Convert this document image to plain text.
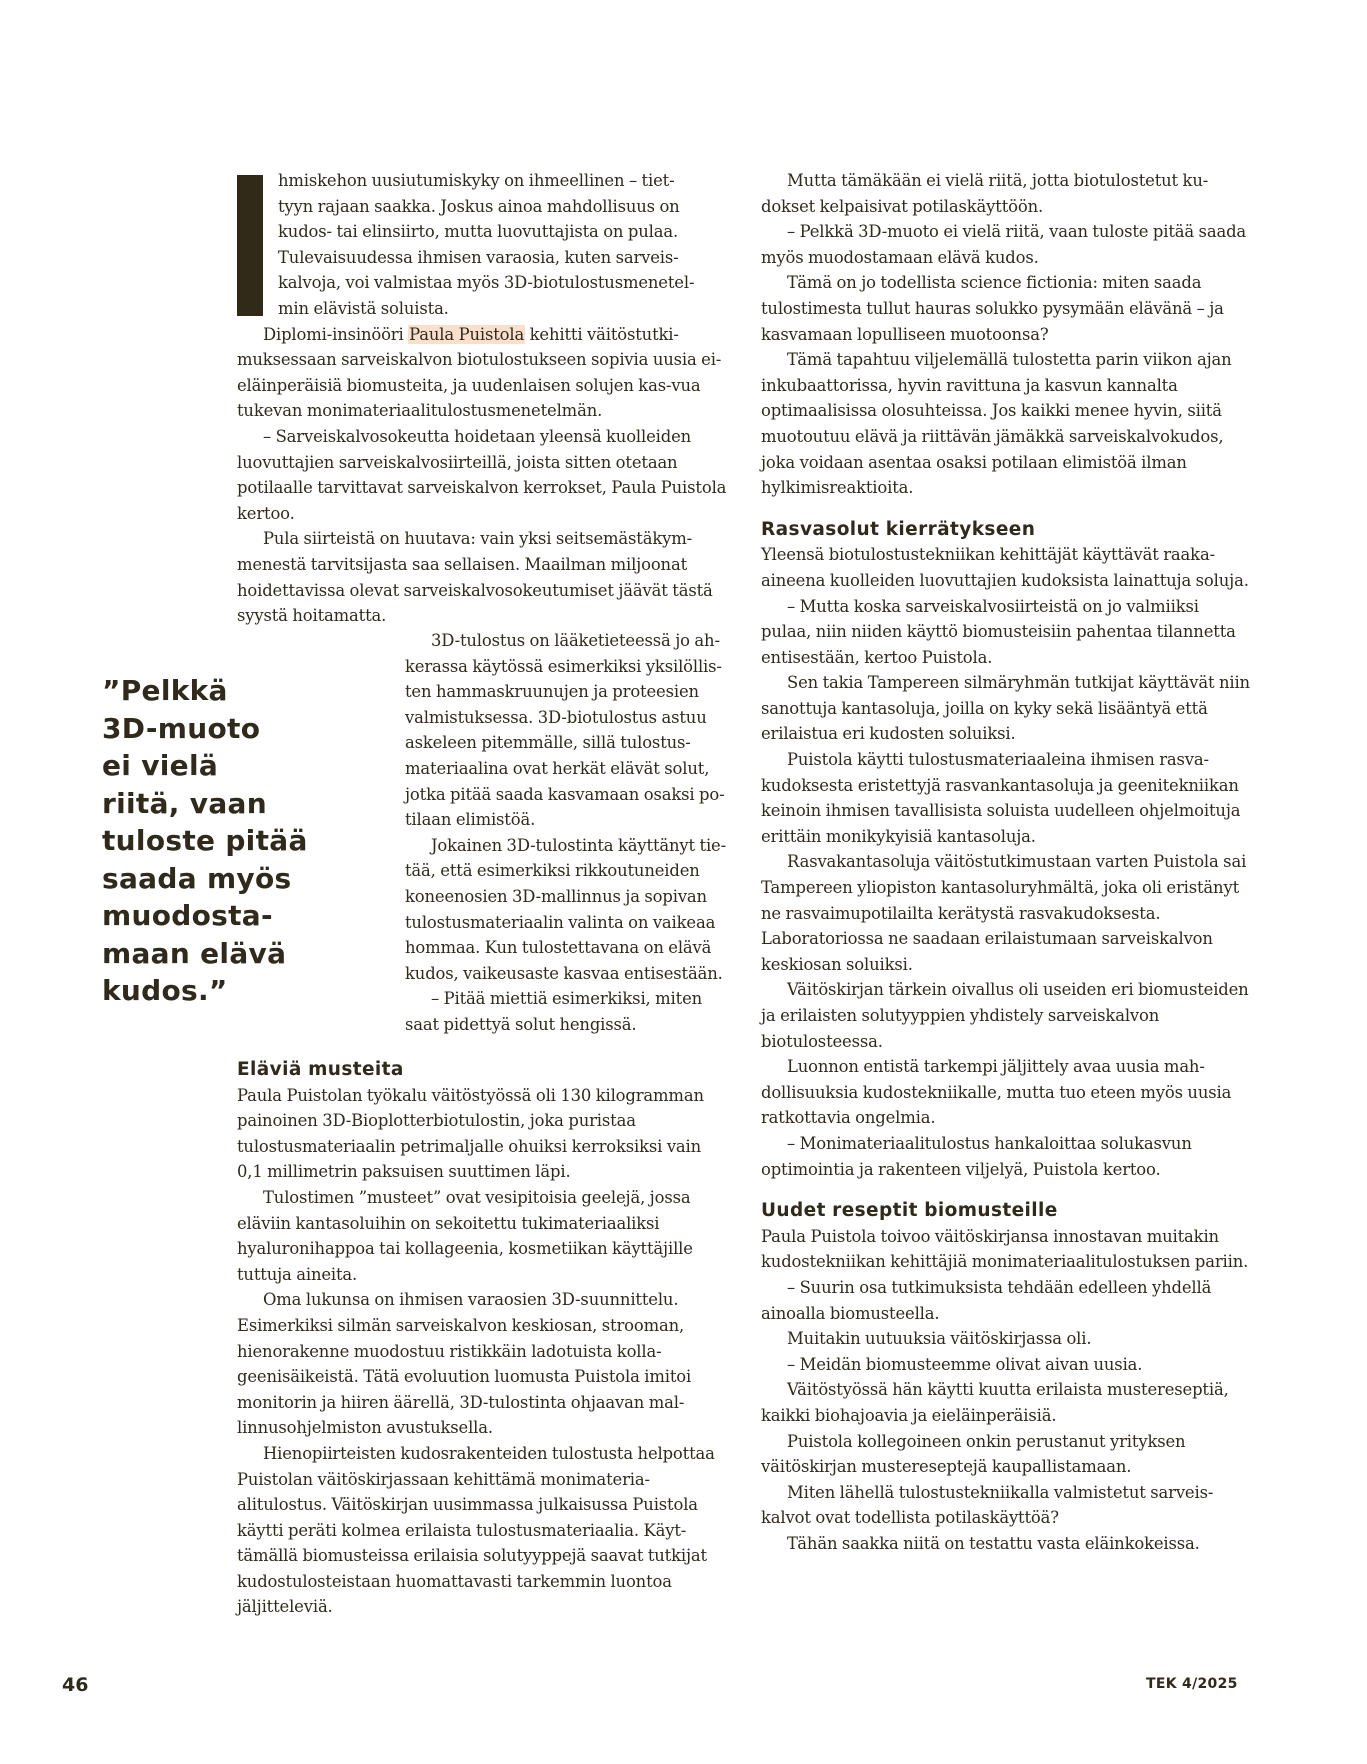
hmiskehon uusiutumiskyky on ihmeellinen – tiet-

tyyn rajaan saakka. Joskus ainoa mahdollisuus on

kudos- tai elinsiirto, mutta luovuttajista on pulaa.

Tulevaisuudessa ihmisen varaosia, kuten sarveis-

kalvoja, voi valmistaa myös 3D-biotulostusmenetel-

min elävistä soluista.

Diplomi-insinööri Paula Puistola kehitti väitöstutki-muksessaan sarveiskalvon biotulostukseen sopivia uusia ei-eläinperäisiä biomusteita, ja uudenlaisen solujen kas-vua tukevan monimateriaalitulostusmenetelmän.

– Sarveiskalvosokeutta hoidetaan yleensä kuolleiden luovuttajien sarveiskalvosiirteillä, joista sitten otetaan potilaalle tarvittavat sarveiskalvon kerrokset, Paula Puistola kertoo.

Pula siirteistä on huutava: vain yksi seitsemästäkymmenestä tarvitsijasta saa sellaisen. Maailman miljoonat hoidettavissa olevat sarveiskalvosokeutumiset jäävät tästä syystä hoitamatta.

”Pelkkä
3D-muoto
ei vielä
riitä, vaan
tuloste pitää
saada myös
muodosta-
maan elävä
kudos.”

3D-tulostus on lääketieteessä jo ahkerassa käytössä esimerkiksi yksilöllisten hammaskruunujen ja proteesien valmistuksessa. 3D-biotulostus astuu askeleen pitemmälle, sillä tulostusmateriaalina ovat herkät elävät solut, jotka pitää saada kasvamaan osaksi potilaan elimistöä.

Jokainen 3D-tulostinta käyttänyt tietää, että esimerkiksi rikkoutuneiden koneenosien 3D-mallinnus ja sopivan tulostusmateriaalin valinta on vaikeaa hommaa. Kun tulostettavana on elävä kudos, vaikeusaste kasvaa entisestään.

– Pitää miettiä esimerkiksi, miten saat pidettyä solut hengissä.

Eläviä musteita

Paula Puistolan työkalu väitöstyössä oli 130 kilogramman painoinen 3D-Bioplotterbiotulostin, joka puristaa tulostusmateriaalin petrimaljalle ohuiksi kerroksiksi vain 0,1 millimetrin paksuisen suuttimen läpi.

Tulostimen ”musteet” ovat vesipitoisia geelejä, jossa eläviin kantasoluihin on sekoitettu tukimateriaaliksi hyaluronihappoa tai kollageenia, kosmetiikan käyttäjille tuttuja aineita.

Oma lukunsa on ihmisen varaosien 3D-suunnittelu. Esimerkiksi silmän sarveiskalvon keskiosan, strooman, hienorakenne muodostuu ristikkäin ladotuista kollageenisäikeistä. Tätä evoluution luomusta Puistola imitoi monitorin ja hiiren äärellä, 3D-tulostinta ohjaavan mallinnusohjelmiston avustuksella.

Hienopiirteisten kudosrakenteiden tulostusta helpottaa Puistolan väitöskirjassaan kehittämä monimateriaalitulostus. Väitöskirjan uusimmassa julkaisussa Puistola käytti peräti kolmea erilaista tulostusmateriaalia. Käyttämällä biomusteissa erilaisia solutyyppejä saavat tutkijat kudostulosteistaan huomattavasti tarkemmin luontoa jäljitteleviä.

Mutta tämäkään ei vielä riitä, jotta biotulostetut kudokset kelpaisivat potilaskäyttöön.

– Pelkkä 3D-muoto ei vielä riitä, vaan tuloste pitää saada myös muodostamaan elävä kudos.

Tämä on jo todellista science fictionia: miten saada tulostimesta tullut hauras solukko pysymään elävänä – ja kasvamaan lopulliseen muotoonsa?

Tämä tapahtuu viljelemällä tulostetta parin viikon ajan inkubaattorissa, hyvin ravittuna ja kasvun kannalta optimaalisissa olosuhteissa. Jos kaikki menee hyvin, siitä muotoutuu elävä ja riittävän jämäkkä sarveiskalvokudos, joka voidaan asentaa osaksi potilaan elimistöä ilman hylkimisreaktioita.

Rasvasolut kierrätykseen

Yleensä biotulostustekniikan kehittäjät käyttävät raakaaineena kuolleiden luovuttajien kudoksista lainattuja soluja.

– Mutta koska sarveiskalvosiirteistä on jo valmiiksi pulaa, niin niiden käyttö biomusteisiin pahentaa tilannetta entisestään, kertoo Puistola.

Sen takia Tampereen silmäryhmän tutkijat käyttävät niin sanottuja kantasoluja, joilla on kyky sekä lisääntyä että erilaistua eri kudosten soluiksi.

Puistola käytti tulostusmateriaaleina ihmisen rasvakudoksesta eristettyjä rasvankantasoluja ja geenitekniikan keinoin ihmisen tavallisista soluista uudelleen ohjelmoituja erittäin monikykyisiä kantasoluja.

Rasvakantasoluja väitöstutkimustaan varten Puistola sai Tampereen yliopiston kantasoluryhmältä, joka oli eristänyt ne rasvaimupotilailta kerätystä rasvakudoksesta. Laboratoriossa ne saadaan erilaistumaan sarveiskalvon keskiosan soluiksi.

Väitöskirjan tärkein oivallus oli useiden eri biomusteiden ja erilaisten solutyyppien yhdistely sarveiskalvon biotulosteessa.

Luonnon entistä tarkempi jäljittely avaa uusia mahdollisuuksia kudostekniikalle, mutta tuo eteen myös uusia ratkottavia ongelmia.

– Monimateriaalitulostus hankaloittaa solukasvun optimointia ja rakenteen viljelyä, Puistola kertoo.

Uudet reseptit biomusteille

Paula Puistola toivoo väitöskirjansa innostavan muitakin kudostekniikan kehittäjiä monimateriaalitulostuksen pariin.

– Suurin osa tutkimuksista tehdään edelleen yhdellä ainoalla biomusteella.

Muitakin uutuuksia väitöskirjassa oli.

– Meidän biomusteemme olivat aivan uusia.

Väitöstyössä hän käytti kuutta erilaista mustereseptiä, kaikki biohajoavia ja eieläinperäisiä.

Puistola kollegoineen onkin perustanut yrityksen väitöskirjan mustereseptejä kaupallistamaan.

Miten lähellä tulostustekniikalla valmistetut sarveiskalvot ovat todellista potilaskäyttöä?

Tähän saakka niitä on testattu vasta eläinkokeissa.

46	TEK 4/2025
